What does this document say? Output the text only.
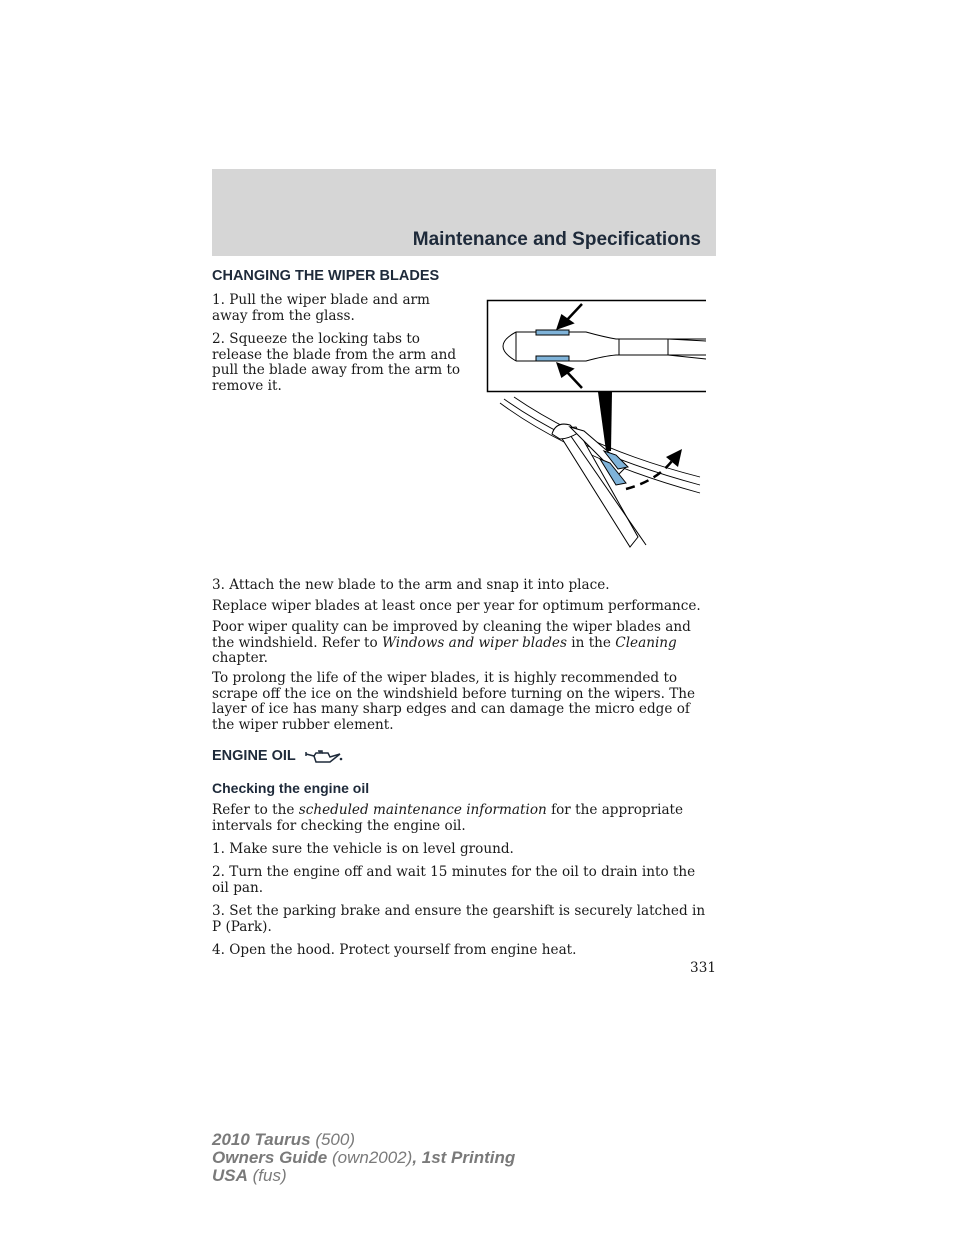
Maintenance and Specifications
CHANGING THE WIPER BLADES
1. Pull the wiper blade and arm away from the glass.
2. Squeeze the locking tabs to release the blade from the arm and pull the blade away from the arm to remove it.
3. Attach the new blade to the arm and snap it into place.
Replace wiper blades at least once per year for optimum performance.
Poor wiper quality can be improved by cleaning the wiper blades and the windshield. Refer to Windows and wiper blades in the Cleaning chapter.
To prolong the life of the wiper blades, it is highly recommended to scrape off the ice on the windshield before turning on the wipers. The layer of ice has many sharp edges and can damage the micro edge of the wiper rubber element.
ENGINE OIL
Checking the engine oil
Refer to the scheduled maintenance information for the appropriate intervals for checking the engine oil.
1. Make sure the vehicle is on level ground.
2. Turn the engine off and wait 15 minutes for the oil to drain into the oil pan.
3. Set the parking brake and ensure the gearshift is securely latched in P (Park).
4. Open the hood. Protect yourself from engine heat.
331
2010 Taurus (500)
Owners Guide (own2002), 1st Printing
USA (fus)
